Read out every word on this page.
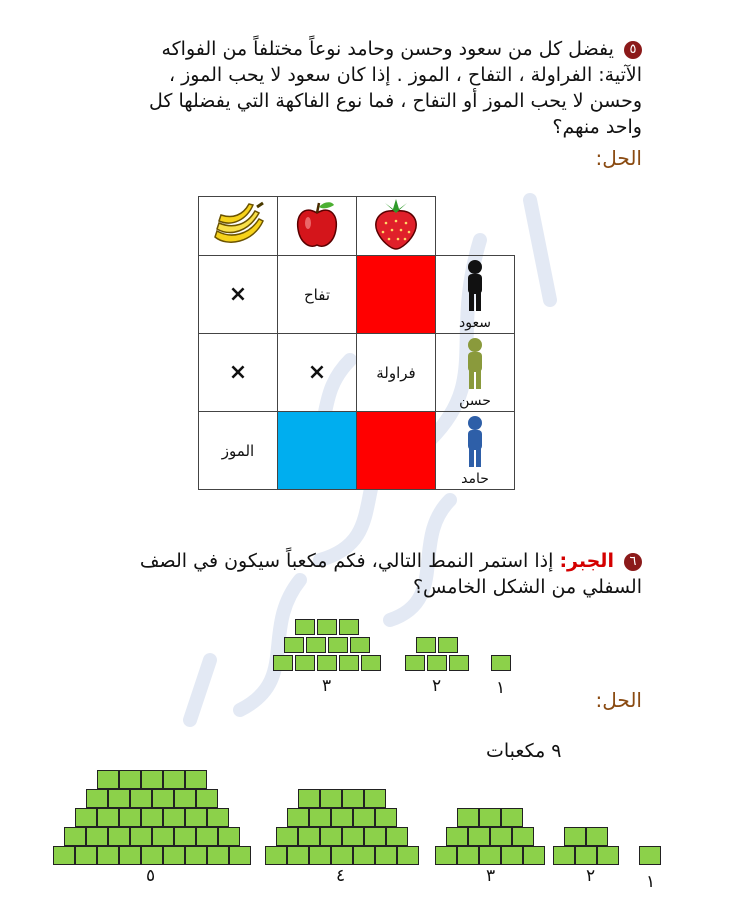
٥ يفضل كل من سعود وحسن وحامد نوعاً مختلفاً من الفواكه الآتية: الفراولة ، التفاح ، الموز . إذا كان سعود لا يحب الموز ، وحسن لا يحب الموز أو التفاح ، فما نوع الفاكهة التي يفضلها كل واحد منهم؟
الحل:

×	تفاح		سعود

×	×	فراولة	حسن

الموز			حامد
٦ الجبر: إذا استمر النمط التالي، فكم مكعباً سيكون في الصف السفلي من الشكل الخامس؟
١
٢
٣
الحل:
٩ مكعبات
١
٢
٣
٤
٥
